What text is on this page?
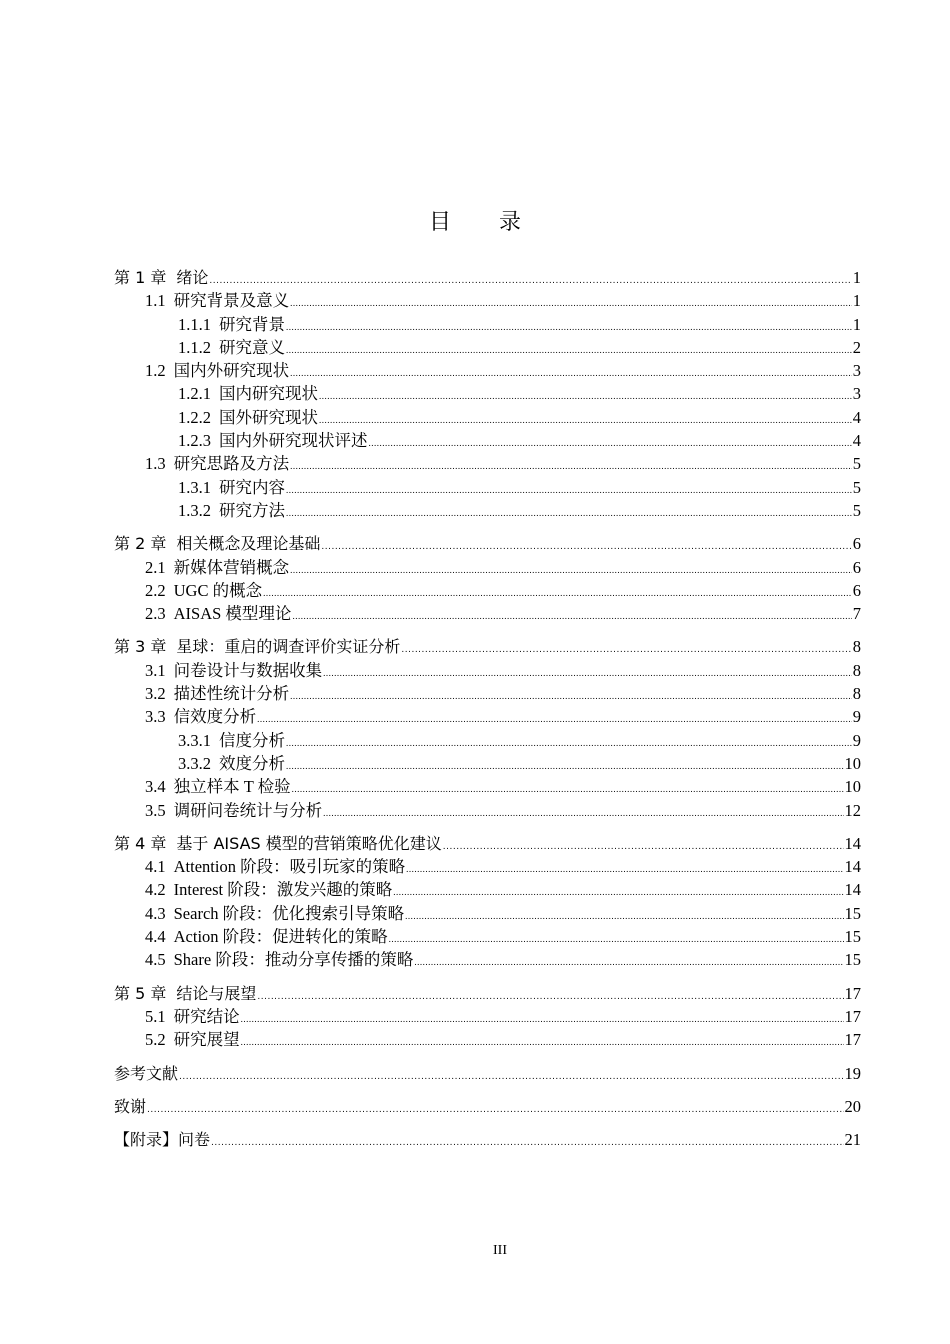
目 录
第 1 章 绪论 .....	1
1.1 研究背景及意义 .....	1
1.1.1 研究背景 .....	1
1.1.2 研究意义 .....	2
1.2 国内外研究现状 .....	3
1.2.1 国内研究现状 .....	3
1.2.2 国外研究现状 .....	4
1.2.3 国内外研究现状评述 .....	4
1.3 研究思路及方法 .....	5
1.3.1 研究内容 .....	5
1.3.2 研究方法 .....	5
第 2 章 相关概念及理论基础 .....	6
2.1 新媒体营销概念 .....	6
2.2 UGC 的概念 .....	6
2.3 AISAS 模型理论 .....	7
第 3 章 星球：重启的调查评价实证分析 .....	8
3.1 问卷设计与数据收集 .....	8
3.2 描述性统计分析 .....	8
3.3 信效度分析 .....	9
3.3.1 信度分析 .....	9
3.3.2 效度分析 .....	10
3.4 独立样本 T 检验 .....	10
3.5 调研问卷统计与分析 .....	12
第 4 章 基于 AISAS 模型的营销策略优化建议 .....	14
4.1 Attention 阶段：吸引玩家的策略 .....	14
4.2 Interest 阶段：激发兴趣的策略 .....	14
4.3 Search 阶段：优化搜索引导策略 .....	15
4.4 Action 阶段：促进转化的策略 .....	15
4.5 Share 阶段：推动分享传播的策略 .....	15
第 5 章 结论与展望 .....	17
5.1 研究结论 .....	17
5.2 研究展望 .....	17
参考文献 .....	19
致谢 .....	20
【附录】问卷 .....	21
III
